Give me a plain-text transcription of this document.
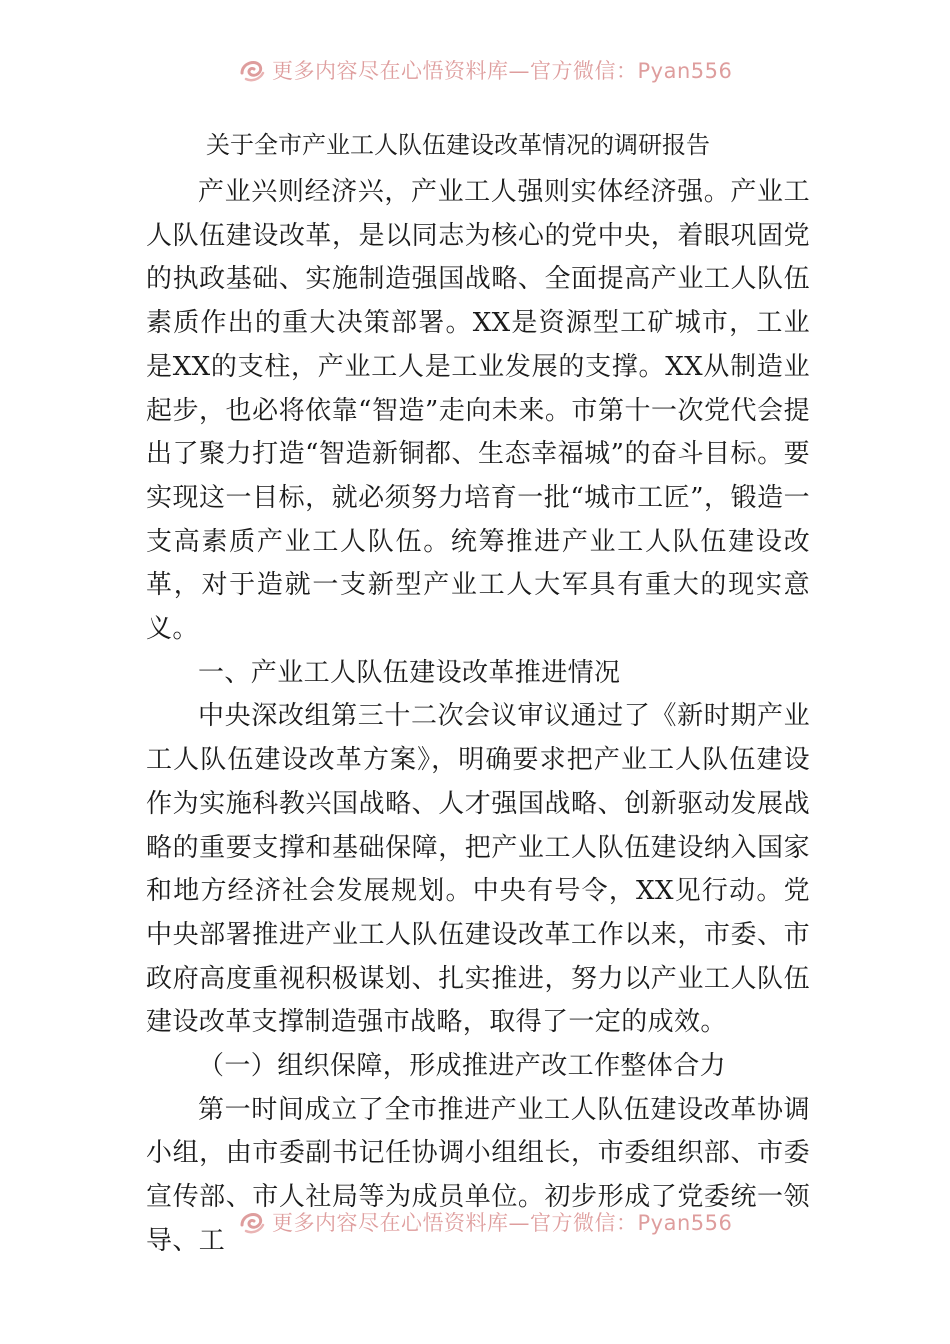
更多内容尽在心悟资料库—官方微信：Pyan556
关于全市产业工人队伍建设改革情况的调研报告

产业兴则经济兴，产业工人强则实体经济强。产业工人队伍建设改革，是以同志为核心的党中央，着眼巩固党的执政基础、实施制造强国战略、全面提高产业工人队伍素质作出的重大决策部署。XX是资源型工矿城市，工业是XX的支柱，产业工人是工业发展的支撑。XX从制造业起步，也必将依靠“智造”走向未来。市第十一次党代会提出了聚力打造“智造新铜都、生态幸福城”的奋斗目标。要实现这一目标，就必须努力培育一批“城市工匠”，锻造一支高素质产业工人队伍。统筹推进产业工人队伍建设改革，对于造就一支新型产业工人大军具有重大的现实意义。

一、产业工人队伍建设改革推进情况

中央深改组第三十二次会议审议通过了《新时期产业工人队伍建设改革方案》，明确要求把产业工人队伍建设作为实施科教兴国战略、人才强国战略、创新驱动发展战略的重要支撑和基础保障，把产业工人队伍建设纳入国家和地方经济社会发展规划。中央有号令，XX见行动。党中央部署推进产业工人队伍建设改革工作以来，市委、市政府高度重视积极谋划、扎实推进，努力以产业工人队伍建设改革支撑制造强市战略，取得了一定的成效。

（一）组织保障，形成推进产改工作整体合力

第一时间成立了全市推进产业工人队伍建设改革协调小组，由市委副书记任协调小组组长，市委组织部、市委宣传部、市人社局等为成员单位。初步形成了党委统一领导、工

更多内容尽在心悟资料库—官方微信：Pyan556
